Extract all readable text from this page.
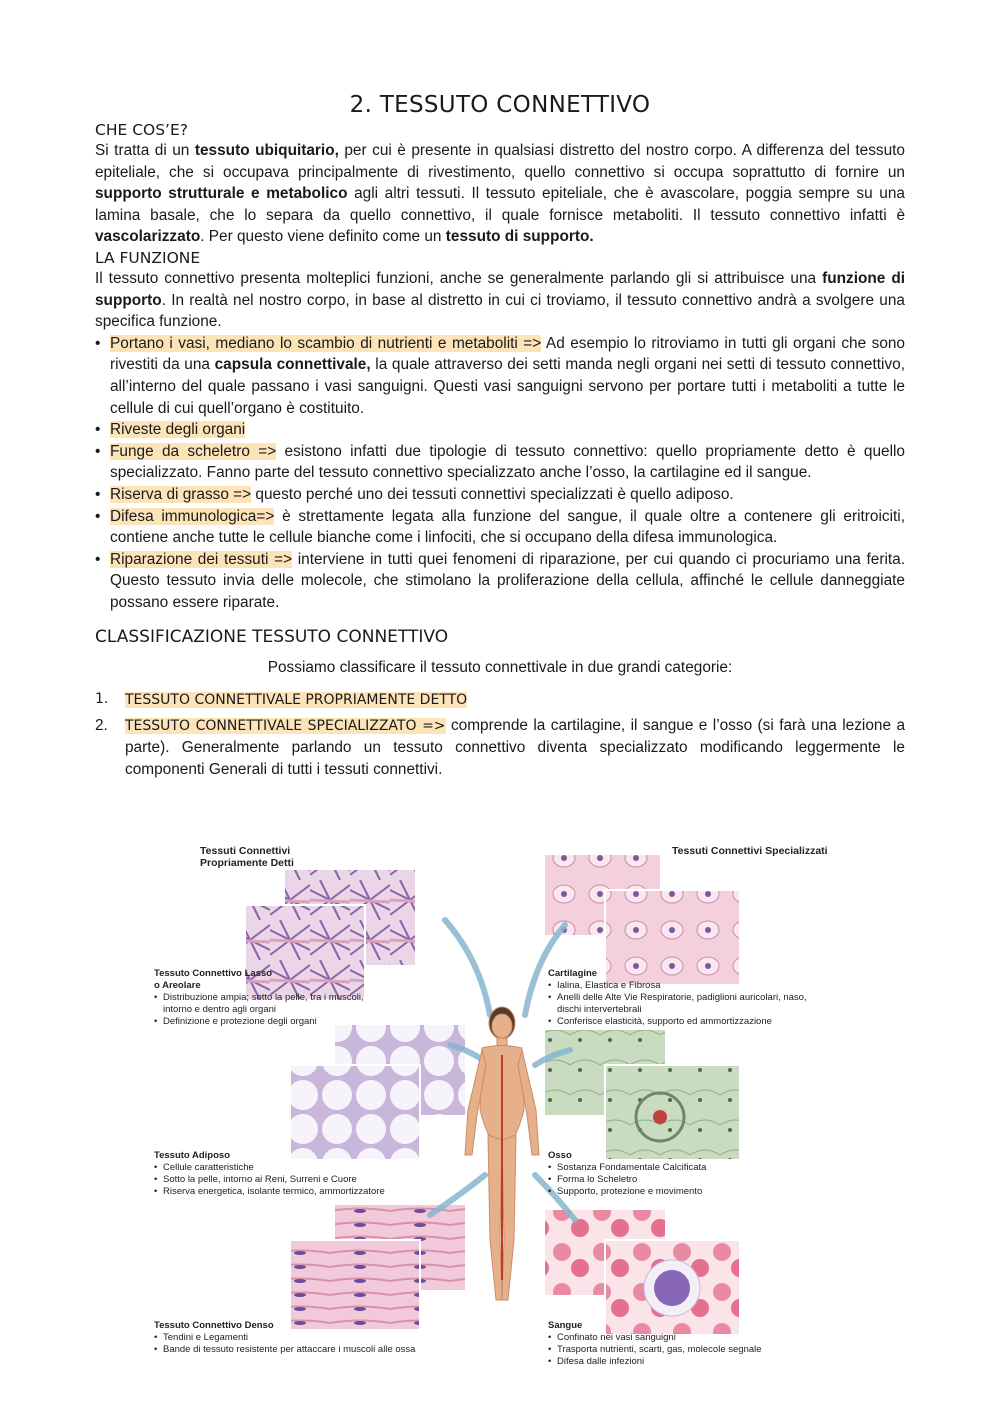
2. TESSUTO CONNETTIVO
CHE COS’E?

Si tratta di un tessuto ubiquitario, per cui è presente in qualsiasi distretto del nostro corpo. A differenza del tessuto epiteliale, che si occupava principalmente di rivestimento, quello connettivo si occupa soprattutto di fornire un supporto strutturale e metabolico agli altri tessuti. Il tessuto epiteliale, che è avascolare, poggia sempre su una lamina basale, che lo separa da quello connettivo, il quale fornisce metaboliti. Il tessuto connettivo infatti è vascolarizzato. Per questo viene definito come un tessuto di supporto.

LA FUNZIONE

Il tessuto connettivo presenta molteplici funzioni, anche se generalmente parlando gli si attribuisce una funzione di supporto. In realtà nel nostro corpo, in base al distretto in cui ci troviamo, il tessuto connettivo andrà a svolgere una specifica funzione.

• Portano i vasi, mediano lo scambio di nutrienti e metaboliti => Ad esempio lo ritroviamo in tutti gli organi che sono rivestiti da una capsula connettivale, la quale attraverso dei setti manda negli organi nei setti di tessuto connettivo, all’interno del quale passano i vasi sanguigni. Questi vasi sanguigni servono per portare tutti i metaboliti a tutte le cellule di cui quell’organo è costituito.
• Riveste degli organi
• Funge da scheletro => esistono infatti due tipologie di tessuto connettivo: quello propriamente detto è quello specializzato. Fanno parte del tessuto connettivo specializzato anche l’osso, la cartilagine ed il sangue.
• Riserva di grasso => questo perché uno dei tessuti connettivi specializzati è quello adiposo.
• Difesa immunologica=> è strettamente legata alla funzione del sangue, il quale oltre a contenere gli eritroiciti, contiene anche tutte le cellule bianche come i linfociti, che si occupano della difesa immunologica.
• Riparazione dei tessuti => interviene in tutti quei fenomeni di riparazione, per cui quando ci procuriamo una ferita. Questo tessuto invia delle molecole, che stimolano la proliferazione della cellula, affinché le cellule danneggiate possano essere riparate.
CLASSIFICAZIONE TESSUTO CONNETTIVO

Possiamo classificare il tessuto connettivale in due grandi categorie:

1. TESSUTO CONNETTIVALE PROPRIAMENTE DETTO
2. TESSUTO CONNETTIVALE SPECIALIZZATO => comprende la cartilagine, il sangue e l’osso (si farà una lezione a parte). Generalmente parlando un tessuto connettivo diventa specializzato modificando leggermente le componenti Generali di tutti i tessuti connettivi.
Tessuti Connettivi
Propriamente Detti
Tessuti Connettivi Specializzati
Tessuto Connettivo Lasso
o Areolare
• Distribuzione ampia; sotto la pelle, tra i muscoli, intorno e dentro agli organi
• Definizione e protezione degli organi
Tessuto Adiposo
• Cellule caratteristiche
• Sotto la pelle, intorno ai Reni, Surreni e Cuore
• Riserva energetica, isolante termico, ammortizzatore
Tessuto Connettivo Denso
• Tendini e Legamenti
• Bande di tessuto resistente per attaccare i muscoli alle ossa
Cartilagine
• Ialina, Elastica e Fibrosa
• Anelli delle Alte Vie Respiratorie, padiglioni auricolari, naso, dischi intervertebrali
• Conferisce elasticità, supporto ed ammortizzazione
Osso
• Sostanza Fondamentale Calcificata
• Forma lo Scheletro
• Supporto, protezione e movimento
Sangue
• Confinato nei vasi sanguigni
• Trasporta nutrienti, scarti, gas, molecole segnale
• Difesa dalle infezioni
